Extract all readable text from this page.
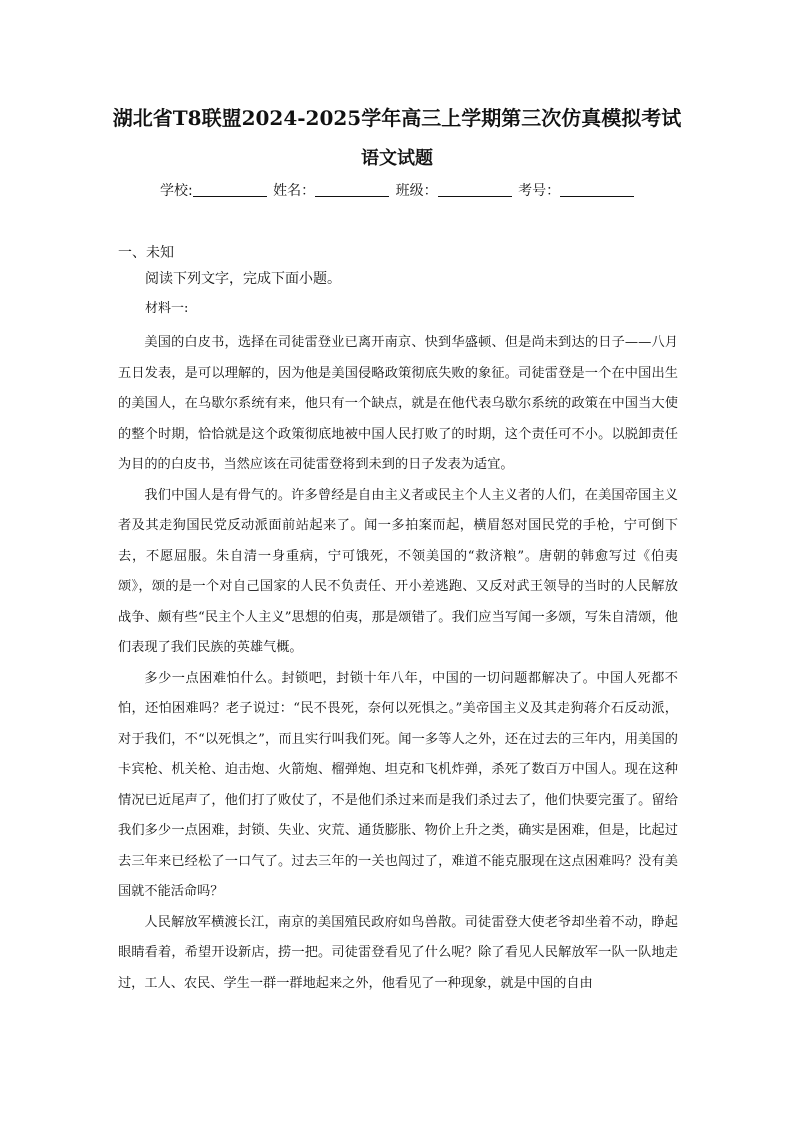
湖北省T8联盟2024-2025学年高三上学期第三次仿真模拟考试
语文试题
学校:	姓名：	班级：	考号：
一、未知
阅读下列文字，完成下面小题。
材料一:

美国的白皮书，选择在司徒雷登业已离开南京、快到华盛顿、但是尚未到达的日子——八月五日发表，是可以理解的，因为他是美国侵略政策彻底失败的象征。司徒雷登是一个在中国出生的美国人，在乌歇尔系统有来，他只有一个缺点，就是在他代表乌歇尔系统的政策在中国当大使的整个时期，恰恰就是这个政策彻底地被中国人民打败了的时期，这个责任可不小。以脱卸责任为目的的白皮书，当然应该在司徒雷登将到未到的日子发表为适宜。

我们中国人是有骨气的。许多曾经是自由主义者或民主个人主义者的人们，在美国帝国主义者及其走狗国民党反动派面前站起来了。闻一多拍案而起，横眉怒对国民党的手枪，宁可倒下去，不愿屈服。朱自清一身重病，宁可饿死，不领美国的“救济粮”。唐朝的韩愈写过《伯夷颂》，颂的是一个对自己国家的人民不负责任、开小差逃跑、又反对武王领导的当时的人民解放战争、颇有些“民主个人主义”思想的伯夷，那是颂错了。我们应当写闻一多颂，写朱自清颂，他们表现了我们民族的英雄气概。

多少一点困难怕什么。封锁吧，封锁十年八年，中国的一切问题都解决了。中国人死都不怕，还怕困难吗？老子说过：“民不畏死，奈何以死惧之。”美帝国主义及其走狗蒋介石反动派，对于我们，不“以死惧之”，而且实行叫我们死。闻一多等人之外，还在过去的三年内，用美国的卡宾枪、机关枪、迫击炮、火箭炮、榴弹炮、坦克和飞机炸弹，杀死了数百万中国人。现在这种情况已近尾声了，他们打了败仗了，不是他们杀过来而是我们杀过去了，他们快要完蛋了。留给我们多少一点困难，封锁、失业、灾荒、通货膨胀、物价上升之类，确实是困难，但是，比起过去三年来已经松了一口气了。过去三年的一关也闯过了，难道不能克服现在这点困难吗？没有美国就不能活命吗？

人民解放军横渡长江，南京的美国殖民政府如鸟兽散。司徒雷登大使老爷却坐着不动，睁起眼睛看着，希望开设新店，捞一把。司徒雷登看见了什么呢？除了看见人民解放军一队一队地走过，工人、农民、学生一群一群地起来之外，他看见了一种现象，就是中国的自由
